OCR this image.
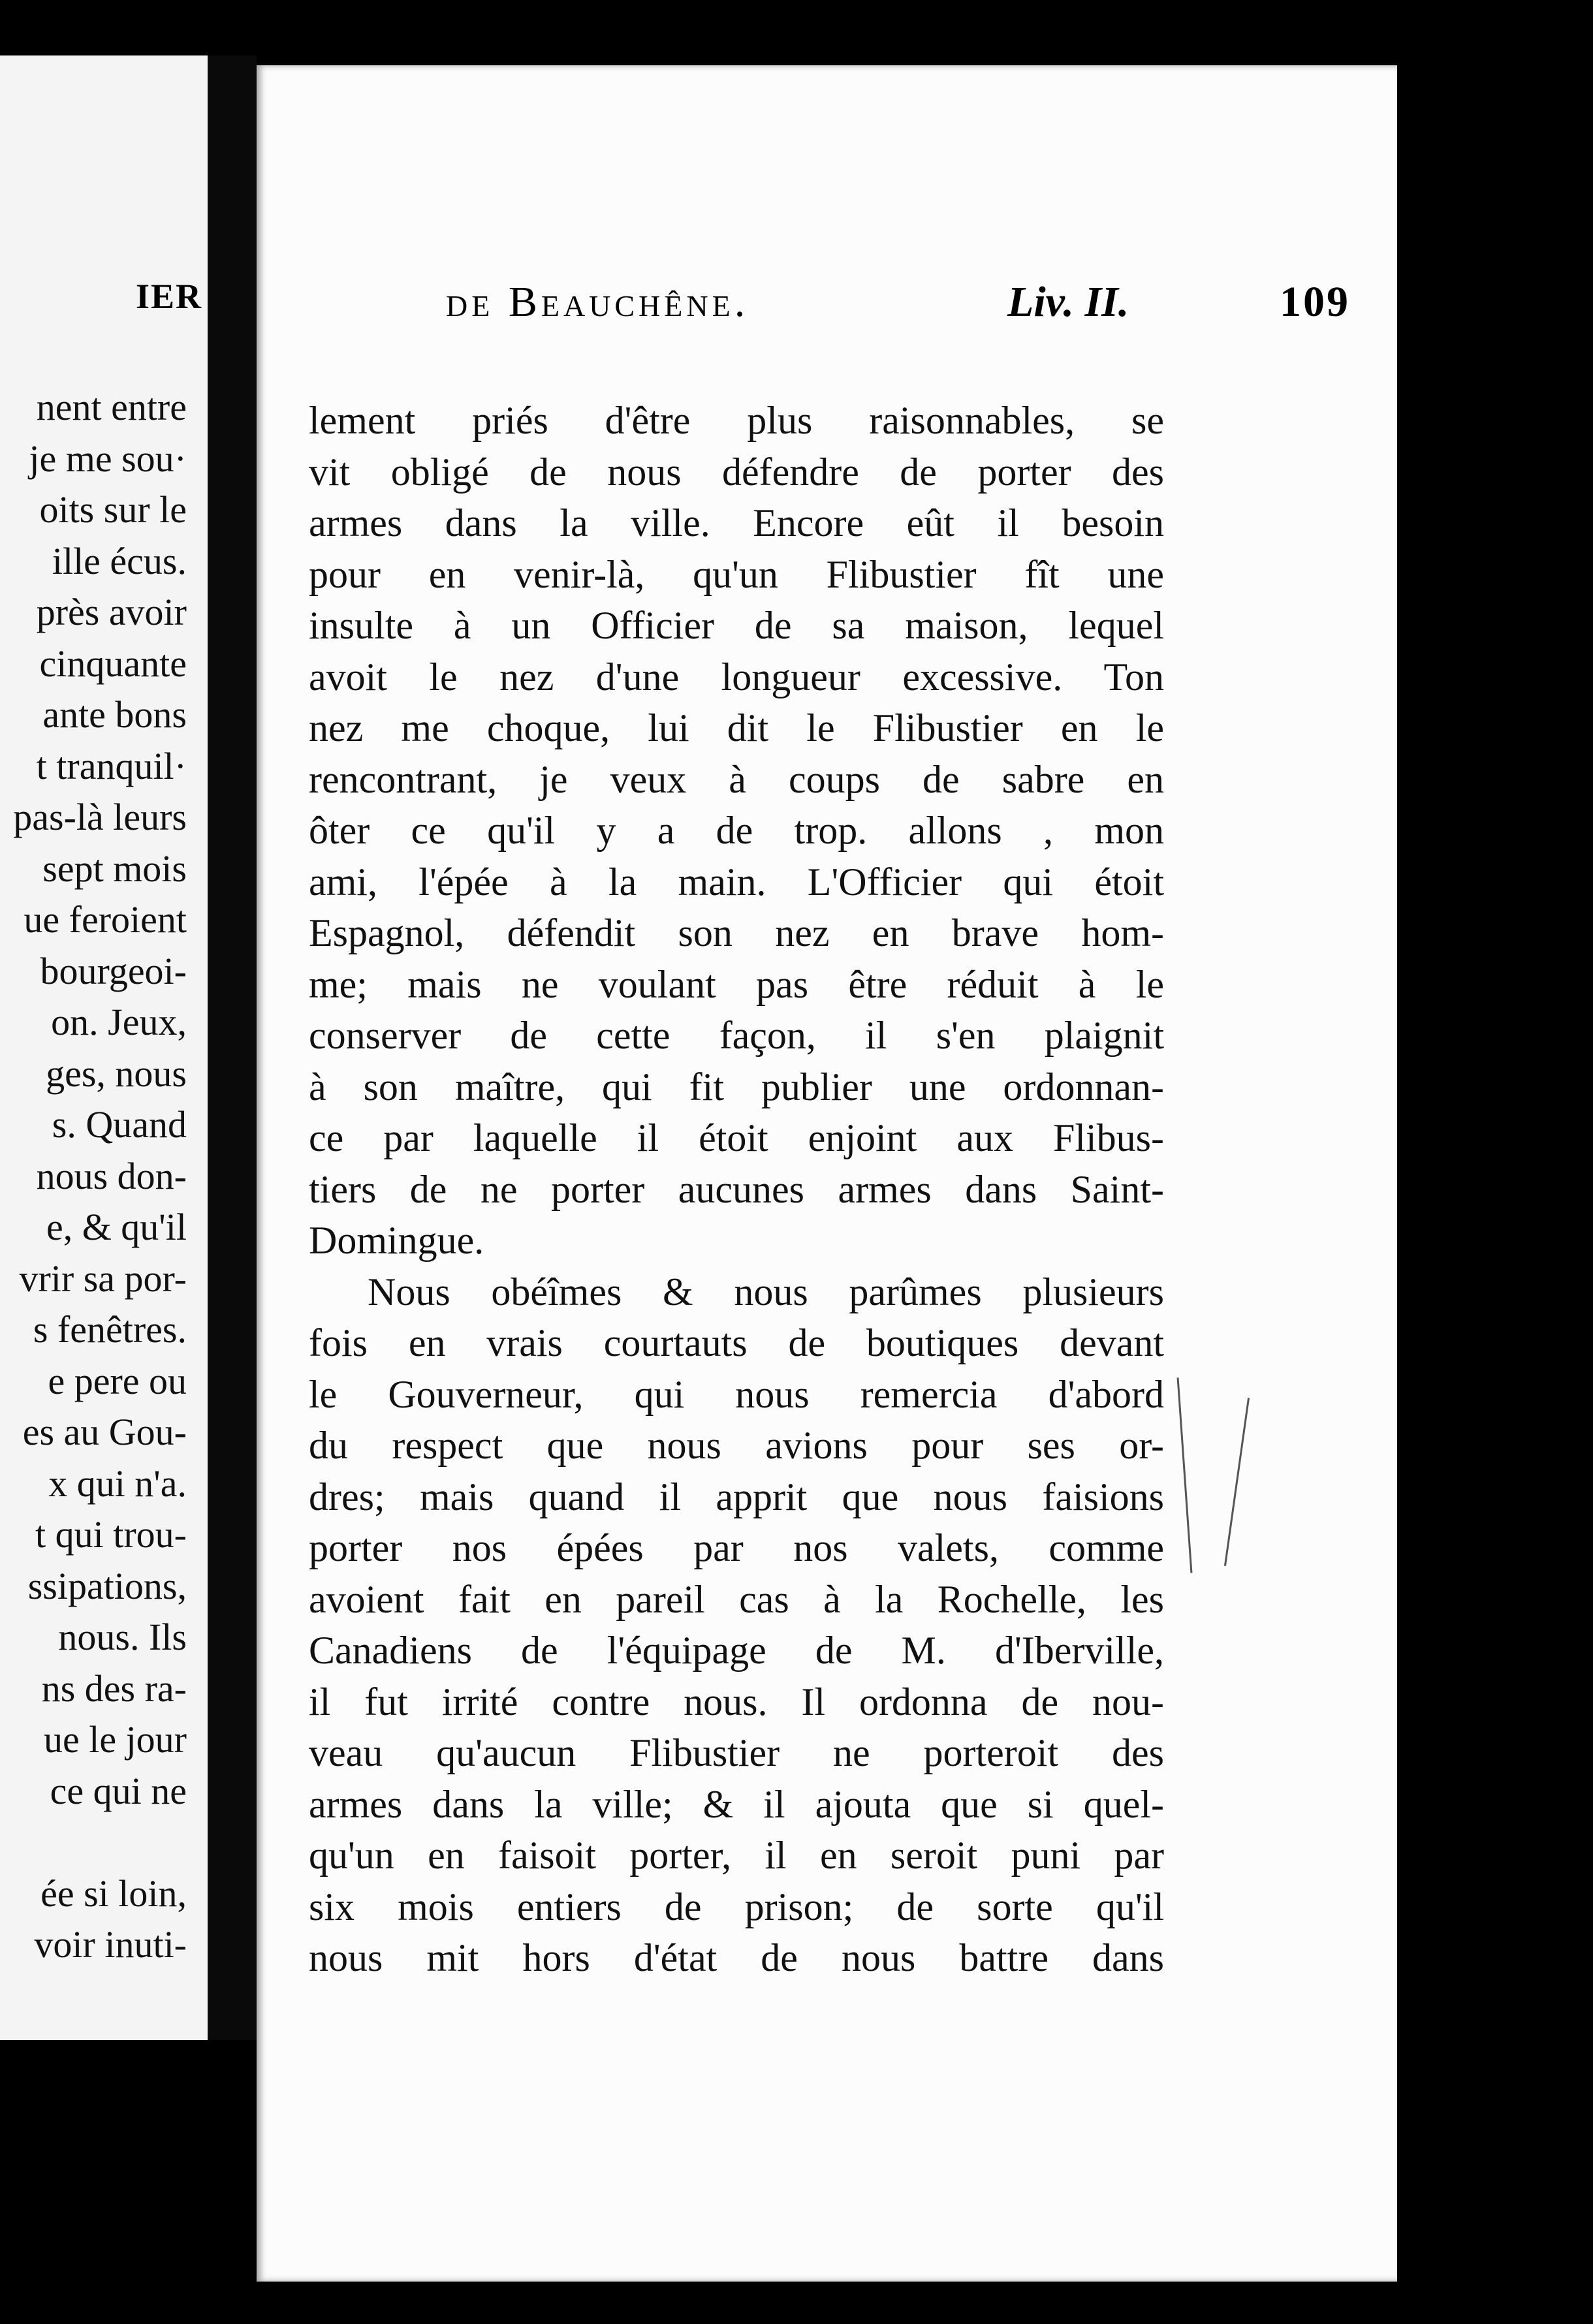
IER
nent entre
je me sou·
oits sur le
ille écus.
près avoir
cinquante
ante bons
t tranquil·
pas-là leurs
sept mois
ue feroient
bourgeoi-
on. Jeux,
ges, nous
s. Quand
nous don-
e, & qu'il
vrir sa por-
s fenêtres.
e pere ou
es au Gou-
x qui n'a.
t qui trou-
ssipations,
nous. Ils
ns des ra-
ue le jour
ce qui ne
ée si loin,
voir inuti-
de Beauchêne.	Liv. II.	109
lement priés d'être plus raisonnables, se
vit obligé de nous défendre de porter des
armes dans la ville. Encore eût il besoin
pour en venir-là, qu'un Flibustier fît une
insulte à un Officier de sa maison, lequel
avoit le nez d'une longueur excessive. Ton
nez me choque, lui dit le Flibustier en le
rencontrant, je veux à coups de sabre en
ôter ce qu'il y a de trop. allons , mon
ami, l'épée à la main. L'Officier qui étoit
Espagnol, défendit son nez en brave hom-
me; mais ne voulant pas être réduit à le
conserver de cette façon, il s'en plaignit
à son maître, qui fit publier une ordonnan-
ce par laquelle il étoit enjoint aux Flibus-
tiers de ne porter aucunes armes dans Saint-
Domingue.
Nous obéîmes & nous parûmes plusieurs
fois en vrais courtauts de boutiques devant
le Gouverneur, qui nous remercia d'abord
du respect que nous avions pour ses or-
dres; mais quand il apprit que nous faisions
porter nos épées par nos valets, comme
avoient fait en pareil cas à la Rochelle, les
Canadiens de l'équipage de M. d'Iberville,
il fut irrité contre nous. Il ordonna de nou-
veau qu'aucun Flibustier ne porteroit des
armes dans la ville; & il ajouta que si quel-
qu'un en faisoit porter, il en seroit puni par
six mois entiers de prison; de sorte qu'il
nous mit hors d'état de nous battre dans
